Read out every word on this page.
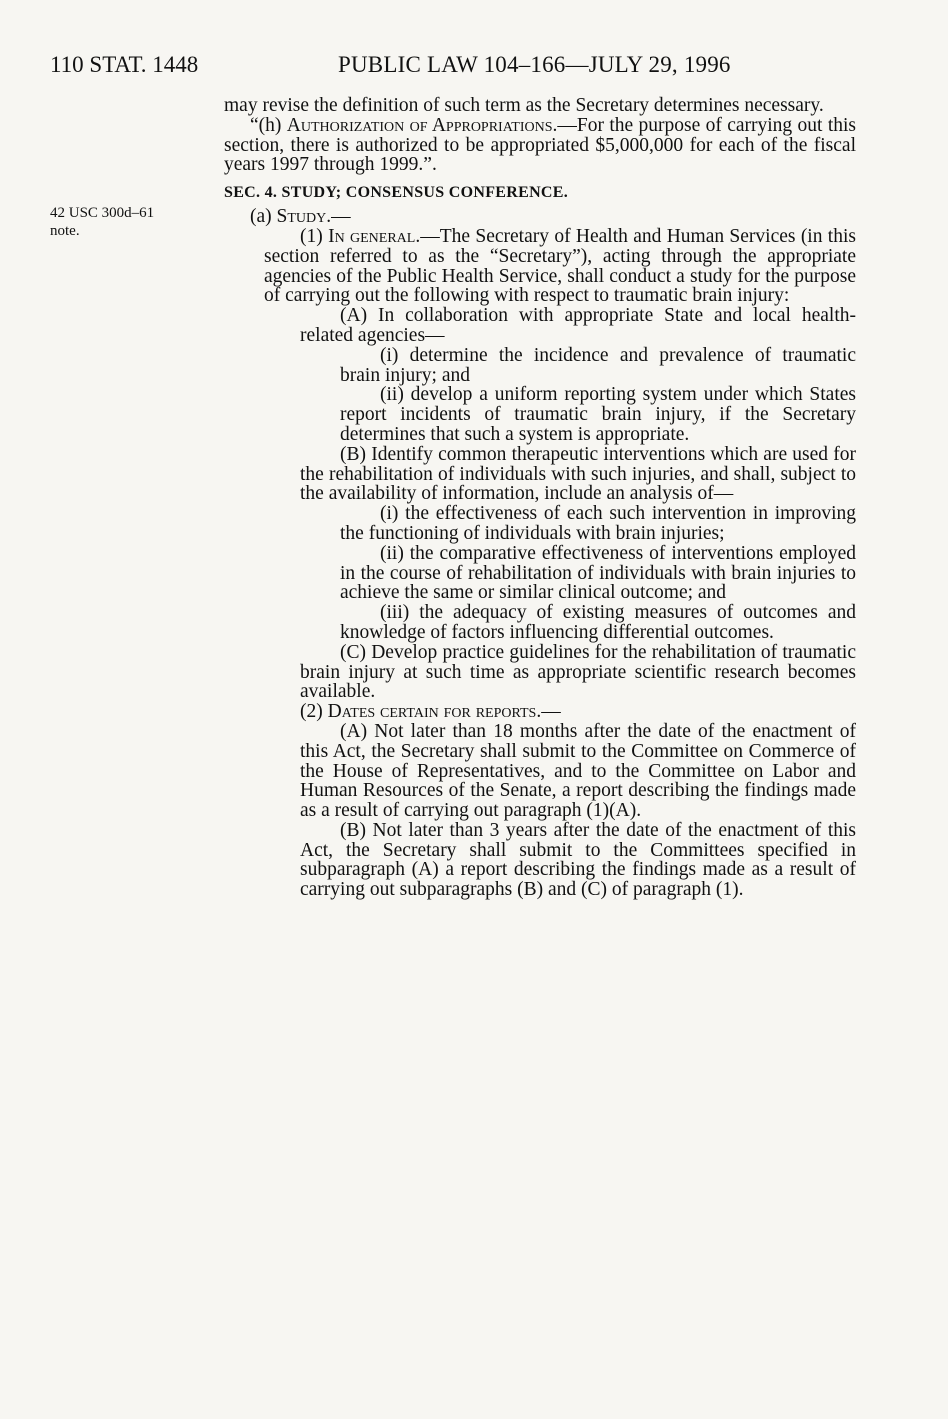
110 STAT. 1448	PUBLIC LAW 104–166—JULY 29, 1996
42 USC 300d–61
note.

may revise the definition of such term as the Secretary determines necessary.

“(h) Authorization of Appropriations.—For the purpose of carrying out this section, there is authorized to be appropriated $5,000,000 for each of the fiscal years 1997 through 1999.”.

SEC. 4. STUDY; CONSENSUS CONFERENCE.

(a) Study.—

(1) In general.—The Secretary of Health and Human Services (in this section referred to as the “Secretary”), acting through the appropriate agencies of the Public Health Service, shall conduct a study for the purpose of carrying out the following with respect to traumatic brain injury:

(A) In collaboration with appropriate State and local health-related agencies—

(i) determine the incidence and prevalence of traumatic brain injury; and

(ii) develop a uniform reporting system under which States report incidents of traumatic brain injury, if the Secretary determines that such a system is appropriate.

(B) Identify common therapeutic interventions which are used for the rehabilitation of individuals with such injuries, and shall, subject to the availability of information, include an analysis of—

(i) the effectiveness of each such intervention in improving the functioning of individuals with brain injuries;

(ii) the comparative effectiveness of interventions employed in the course of rehabilitation of individuals with brain injuries to achieve the same or similar clinical outcome; and

(iii) the adequacy of existing measures of outcomes and knowledge of factors influencing differential outcomes.

(C) Develop practice guidelines for the rehabilitation of traumatic brain injury at such time as appropriate scientific research becomes available.

(2) Dates certain for reports.—

(A) Not later than 18 months after the date of the enactment of this Act, the Secretary shall submit to the Committee on Commerce of the House of Representatives, and to the Committee on Labor and Human Resources of the Senate, a report describing the findings made as a result of carrying out paragraph (1)(A).

(B) Not later than 3 years after the date of the enactment of this Act, the Secretary shall submit to the Committees specified in subparagraph (A) a report describing the findings made as a result of carrying out subparagraphs (B) and (C) of paragraph (1).
